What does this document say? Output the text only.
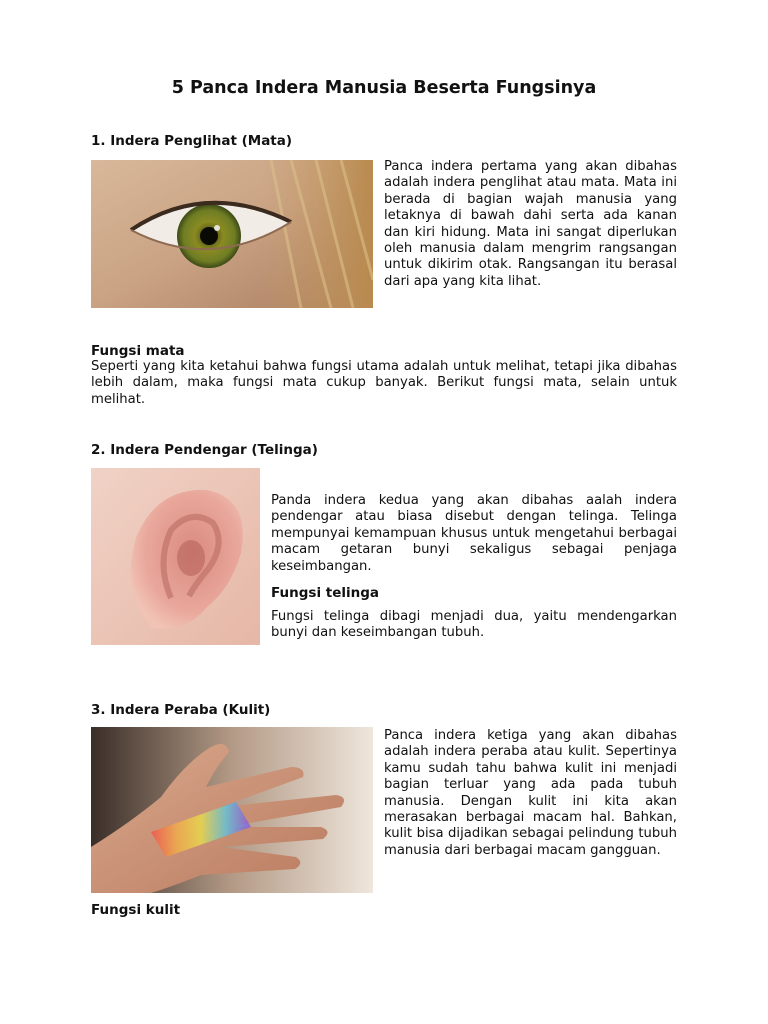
5 Panca Indera Manusia Beserta Fungsinya
1. Indera Penglihat (Mata)

Panca indera pertama yang akan dibahas adalah indera penglihat atau mata. Mata ini berada di bagian wajah manusia yang letaknya di bawah dahi serta ada kanan dan kiri hidung. Mata ini sangat diperlukan oleh manusia dalam mengrim rangsangan untuk dikirim otak. Rangsangan itu berasal dari apa yang kita lihat.

Fungsi mata

Seperti yang kita ketahui bahwa fungsi utama adalah untuk melihat, tetapi jika dibahas lebih dalam, maka fungsi mata cukup banyak. Berikut fungsi mata, selain untuk melihat.

2. Indera Pendengar (Telinga)

Panda indera kedua yang akan dibahas aalah indera pendengar atau biasa disebut dengan telinga. Telinga mempunyai kemampuan khusus untuk mengetahui berbagai macam getaran bunyi sekaligus sebagai penjaga keseimbangan.

Fungsi telinga

Fungsi telinga dibagi menjadi dua, yaitu mendengarkan bunyi dan keseimbangan tubuh.

3. Indera Peraba (Kulit)

Panca indera ketiga yang akan dibahas adalah indera peraba atau kulit. Sepertinya kamu sudah tahu bahwa kulit ini menjadi bagian terluar yang ada pada tubuh manusia. Dengan kulit ini kita akan merasakan berbagai macam hal. Bahkan, kulit bisa dijadikan sebagai pelindung tubuh manusia dari berbagai macam gangguan.

Fungsi kulit
